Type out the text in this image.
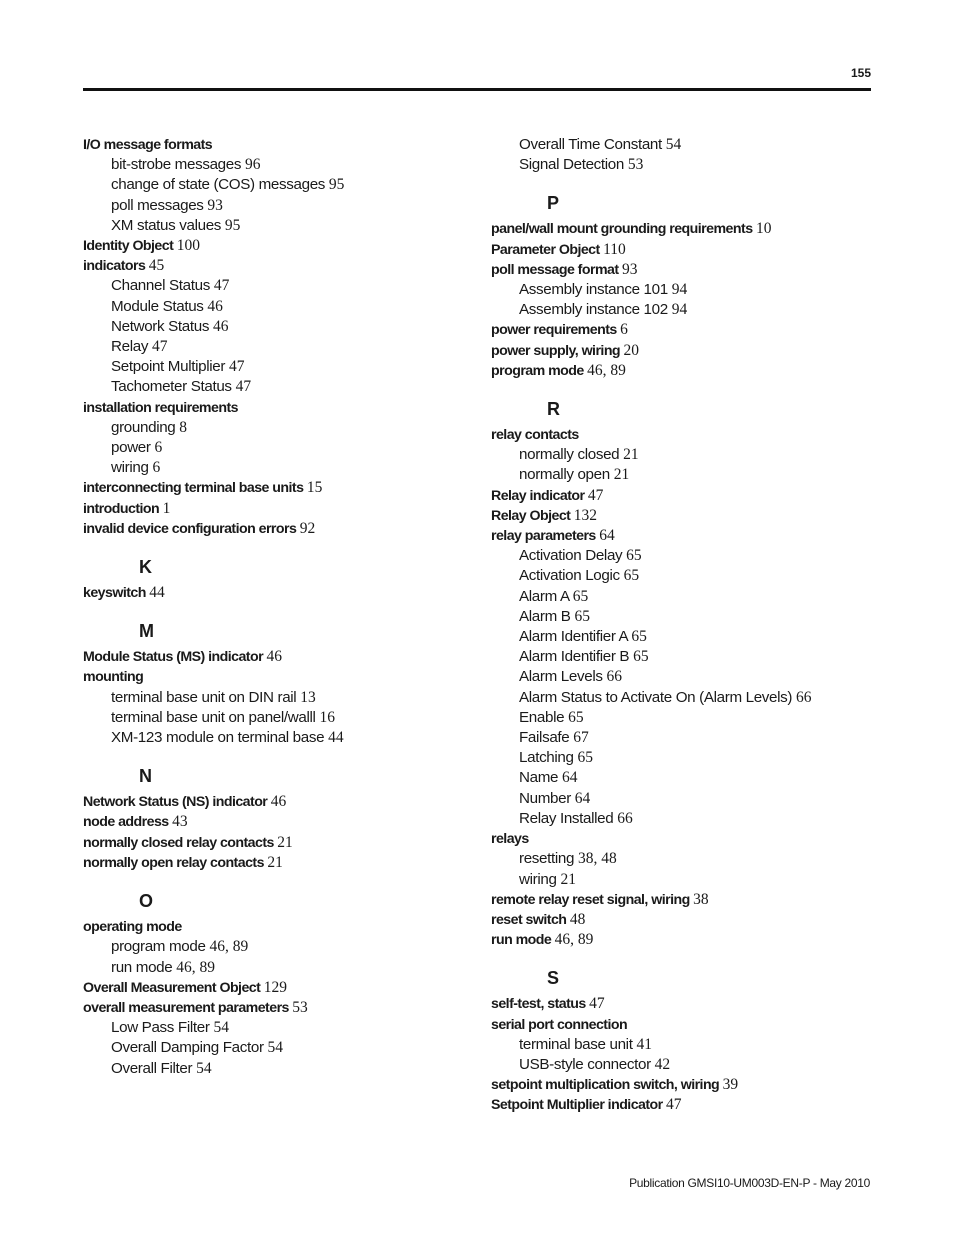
155
I/O message formats
bit-strobe messages 96
change of state (COS) messages 95
poll messages 93
XM status values 95
Identity Object 100
indicators 45
Channel Status 47
Module Status 46
Network Status 46
Relay 47
Setpoint Multiplier 47
Tachometer Status 47
installation requirements
grounding 8
power 6
wiring 6
interconnecting terminal base units 15
introduction 1
invalid device configuration errors 92
K
keyswitch 44
M
Module Status (MS) indicator 46
mounting
terminal base unit on DIN rail 13
terminal base unit on panel/walll 16
XM-123 module on terminal base 44
N
Network Status (NS) indicator 46
node address 43
normally closed relay contacts 21
normally open relay contacts 21
O
operating mode
program mode 46, 89
run mode 46, 89
Overall Measurement Object 129
overall measurement parameters 53
Low Pass Filter 54
Overall Damping Factor 54
Overall Filter 54
Overall Time Constant 54
Signal Detection 53
P
panel/wall mount grounding requirements 10
Parameter Object 110
poll message format 93
Assembly instance 101 94
Assembly instance 102 94
power requirements 6
power supply, wiring 20
program mode 46, 89
R
relay contacts
normally closed 21
normally open 21
Relay indicator 47
Relay Object 132
relay parameters 64
Activation Delay 65
Activation Logic 65
Alarm A 65
Alarm B 65
Alarm Identifier A 65
Alarm Identifier B 65
Alarm Levels 66
Alarm Status to Activate On (Alarm Levels) 66
Enable 65
Failsafe 67
Latching 65
Name 64
Number 64
Relay Installed 66
relays
resetting 38, 48
wiring 21
remote relay reset signal, wiring 38
reset switch 48
run mode 46, 89
S
self-test, status 47
serial port connection
terminal base unit 41
USB-style connector 42
setpoint multiplication switch, wiring 39
Setpoint Multiplier indicator 47
Publication GMSI10-UM003D-EN-P - May 2010
